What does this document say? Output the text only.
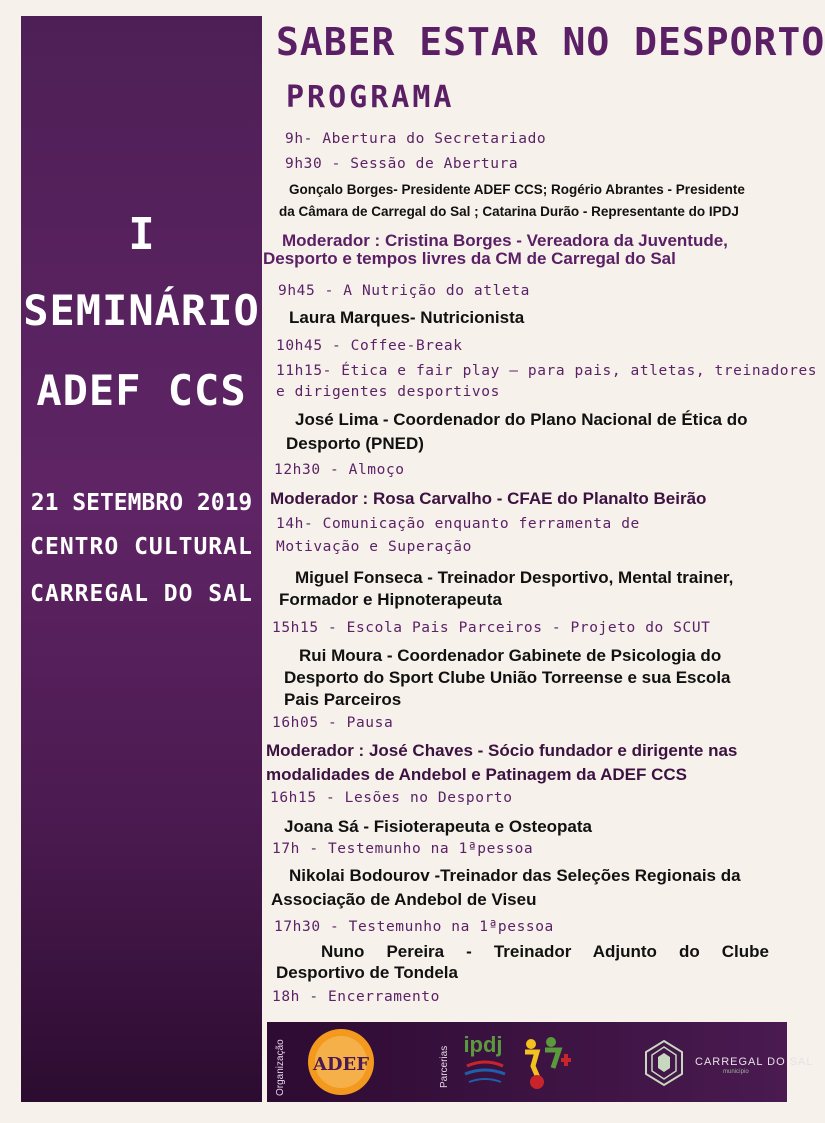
I
SEMINÁRIO
ADEF CCS
21 SETEMBRO 2019
CENTRO CULTURAL
CARREGAL DO SAL
SABER ESTAR NO DESPORTO
PROGRAMA
9h- Abertura do Secretariado
9h30 - Sessão de Abertura
Gonçalo Borges- Presidente ADEF CCS; Rogério Abrantes - Presidente
da Câmara de Carregal do Sal ; Catarina Durão - Representante do IPDJ
Moderador : Cristina Borges - Vereadora da Juventude,
Desporto e tempos livres da CM de Carregal do Sal
9h45 - A Nutrição do atleta
Laura Marques- Nutricionista
10h45 - Coffee-Break
11h15- Ética e fair play – para pais, atletas, treinadores
e dirigentes desportivos
José Lima - Coordenador do Plano Nacional de Ética do
Desporto (PNED)
12h30 - Almoço
Moderador : Rosa Carvalho - CFAE do Planalto Beirão
14h- Comunicação enquanto ferramenta de
Motivação e Superação
Miguel Fonseca - Treinador Desportivo, Mental trainer,
Formador e Hipnoterapeuta
15h15 - Escola Pais Parceiros - Projeto do SCUT
Rui Moura - Coordenador Gabinete de Psicologia do
Desporto do Sport Clube União Torreense e sua Escola
Pais Parceiros
16h05 - Pausa
Moderador : José Chaves - Sócio fundador e dirigente nas
modalidades de Andebol e Patinagem da ADEF CCS
16h15 - Lesões no Desporto
Joana Sá - Fisioterapeuta e Osteopata
17h - Testemunho na 1ªpessoa
Nikolai Bodourov -Treinador das Seleções Regionais da
Associação de Andebol de Viseu
17h30 - Testemunho na 1ªpessoa
Nuno Pereira - Treinador Adjunto do Clube
Desportivo de Tondela
18h - Encerramento
Organização ADEF	Parcerias
ipdj
CARREGAL DO SAL
município
